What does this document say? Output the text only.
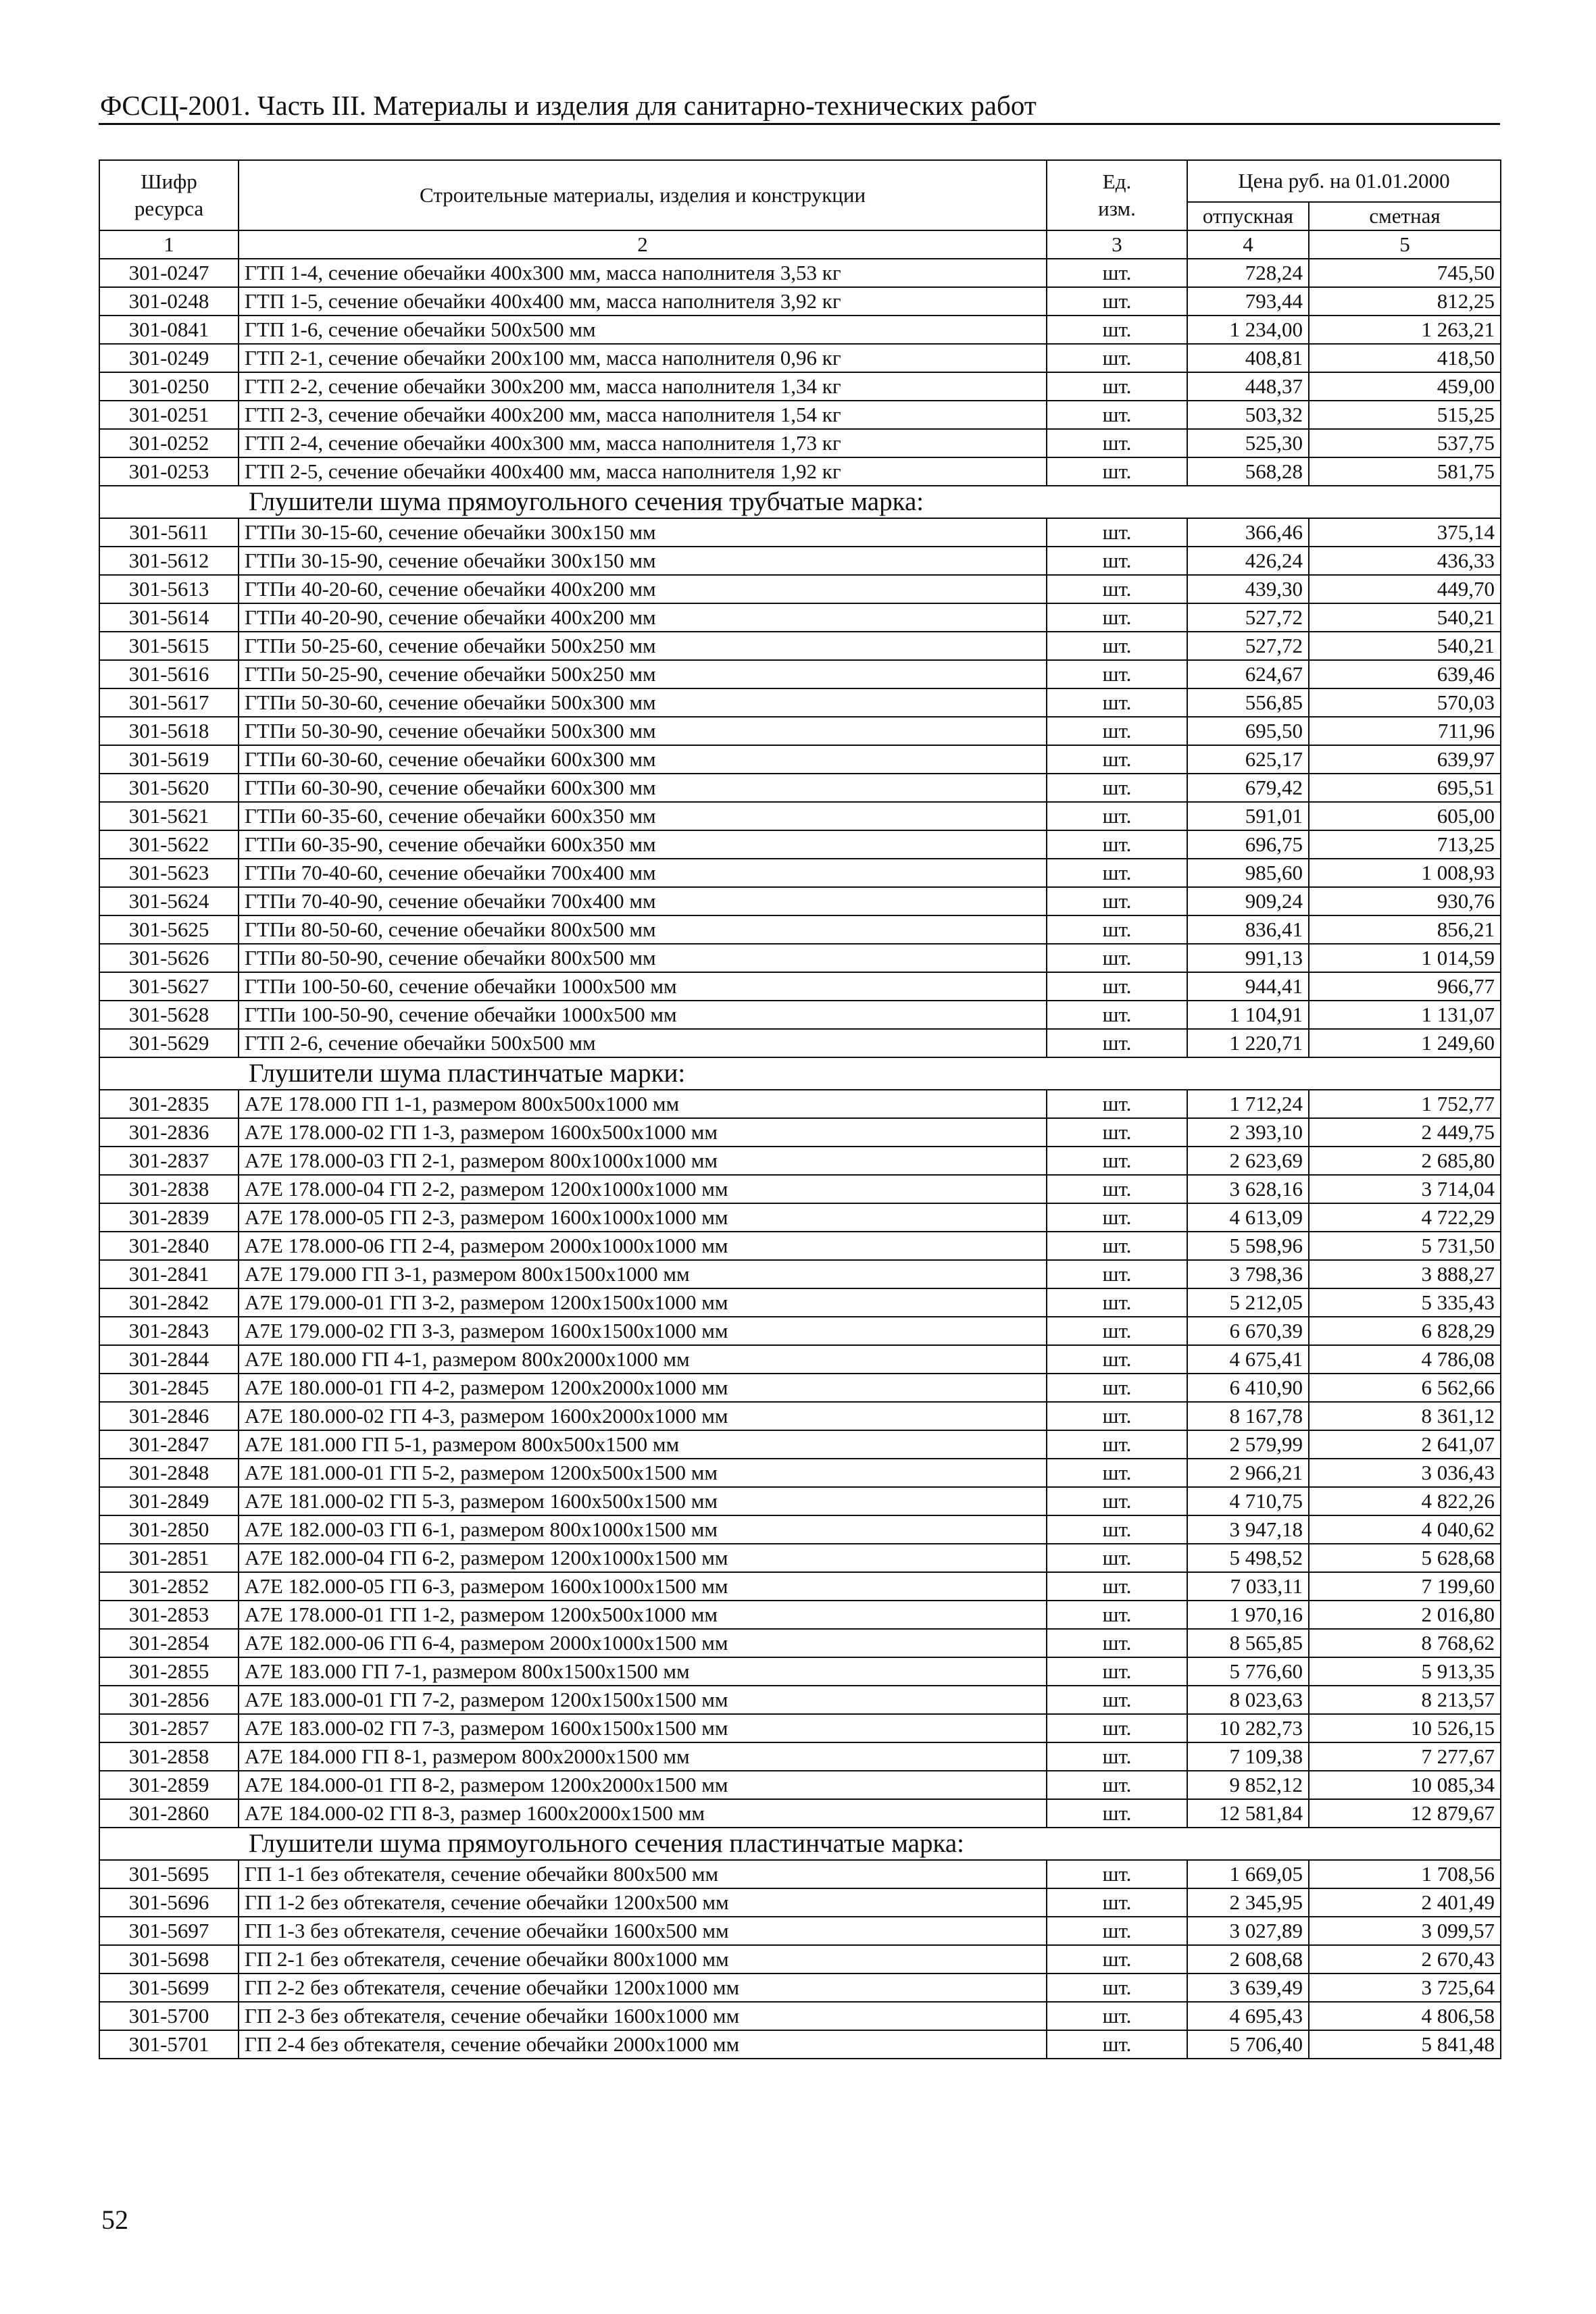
ФССЦ-2001. Часть III. Материалы и изделия для санитарно-технических работ
Шифр ресурса	Строительные материалы, изделия и конструкции	Ед. изм.	Цена руб. на 01.01.2000	
			отпускная	сметная
1	2	3	4	5
301-0247	ГТП 1-4, сечение обечайки 400х300 мм, масса наполнителя 3,53 кг	шт.	728,24	745,50
301-0248	ГТП 1-5, сечение обечайки 400х400 мм, масса наполнителя 3,92 кг	шт.	793,44	812,25
301-0841	ГТП 1-6, сечение обечайки 500х500 мм	шт.	1 234,00	1 263,21
301-0249	ГТП 2-1, сечение обечайки 200х100 мм, масса наполнителя 0,96 кг	шт.	408,81	418,50
301-0250	ГТП 2-2, сечение обечайки 300х200 мм, масса наполнителя 1,34 кг	шт.	448,37	459,00
301-0251	ГТП 2-3, сечение обечайки 400х200 мм, масса наполнителя 1,54 кг	шт.	503,32	515,25
301-0252	ГТП 2-4, сечение обечайки 400х300 мм, масса наполнителя 1,73 кг	шт.	525,30	537,75
301-0253	ГТП 2-5, сечение обечайки 400х400 мм, масса наполнителя 1,92 кг	шт.	568,28	581,75
Глушители шума прямоугольного сечения трубчатые марка:				
301-5611	ГТПи 30-15-60, сечение обечайки 300х150 мм	шт.	366,46	375,14
301-5612	ГТПи 30-15-90, сечение обечайки 300х150 мм	шт.	426,24	436,33
301-5613	ГТПи 40-20-60, сечение обечайки 400х200 мм	шт.	439,30	449,70
301-5614	ГТПи 40-20-90, сечение обечайки 400х200 мм	шт.	527,72	540,21
301-5615	ГТПи 50-25-60, сечение обечайки 500х250 мм	шт.	527,72	540,21
301-5616	ГТПи 50-25-90, сечение обечайки 500х250 мм	шт.	624,67	639,46
301-5617	ГТПи 50-30-60, сечение обечайки 500х300 мм	шт.	556,85	570,03
301-5618	ГТПи 50-30-90, сечение обечайки 500х300 мм	шт.	695,50	711,96
301-5619	ГТПи 60-30-60, сечение обечайки 600х300 мм	шт.	625,17	639,97
301-5620	ГТПи 60-30-90, сечение обечайки 600х300 мм	шт.	679,42	695,51
301-5621	ГТПи 60-35-60, сечение обечайки 600х350 мм	шт.	591,01	605,00
301-5622	ГТПи 60-35-90, сечение обечайки 600х350 мм	шт.	696,75	713,25
301-5623	ГТПи 70-40-60, сечение обечайки 700х400 мм	шт.	985,60	1 008,93
301-5624	ГТПи 70-40-90, сечение обечайки 700х400 мм	шт.	909,24	930,76
301-5625	ГТПи 80-50-60, сечение обечайки 800х500 мм	шт.	836,41	856,21
301-5626	ГТПи 80-50-90, сечение обечайки 800х500 мм	шт.	991,13	1 014,59
301-5627	ГТПи 100-50-60, сечение обечайки 1000х500 мм	шт.	944,41	966,77
301-5628	ГТПи 100-50-90, сечение обечайки 1000х500 мм	шт.	1 104,91	1 131,07
301-5629	ГТП 2-6, сечение обечайки 500х500 мм	шт.	1 220,71	1 249,60
Глушители шума пластинчатые марки:				
301-2835	А7Е 178.000 ГП 1-1, размером 800х500х1000 мм	шт.	1 712,24	1 752,77
301-2836	А7Е 178.000-02 ГП 1-3, размером 1600х500х1000 мм	шт.	2 393,10	2 449,75
301-2837	А7Е 178.000-03 ГП 2-1, размером 800х1000х1000 мм	шт.	2 623,69	2 685,80
301-2838	А7Е 178.000-04 ГП 2-2, размером 1200х1000х1000 мм	шт.	3 628,16	3 714,04
301-2839	А7Е 178.000-05 ГП 2-3, размером 1600х1000х1000 мм	шт.	4 613,09	4 722,29
301-2840	А7Е 178.000-06 ГП 2-4, размером 2000х1000х1000 мм	шт.	5 598,96	5 731,50
301-2841	А7Е 179.000 ГП 3-1, размером 800х1500х1000 мм	шт.	3 798,36	3 888,27
301-2842	А7Е 179.000-01 ГП 3-2, размером 1200х1500х1000 мм	шт.	5 212,05	5 335,43
301-2843	А7Е 179.000-02 ГП 3-3, размером 1600х1500х1000 мм	шт.	6 670,39	6 828,29
301-2844	А7Е 180.000 ГП 4-1, размером 800х2000х1000 мм	шт.	4 675,41	4 786,08
301-2845	А7Е 180.000-01 ГП 4-2, размером 1200х2000х1000 мм	шт.	6 410,90	6 562,66
301-2846	А7Е 180.000-02 ГП 4-3, размером 1600х2000х1000 мм	шт.	8 167,78	8 361,12
301-2847	А7Е 181.000 ГП 5-1, размером 800х500х1500 мм	шт.	2 579,99	2 641,07
301-2848	А7Е 181.000-01 ГП 5-2, размером 1200х500х1500 мм	шт.	2 966,21	3 036,43
301-2849	А7Е 181.000-02 ГП 5-3, размером 1600х500х1500 мм	шт.	4 710,75	4 822,26
301-2850	А7Е 182.000-03 ГП 6-1, размером 800х1000х1500 мм	шт.	3 947,18	4 040,62
301-2851	А7Е 182.000-04 ГП 6-2, размером 1200х1000х1500 мм	шт.	5 498,52	5 628,68
301-2852	А7Е 182.000-05 ГП 6-3, размером 1600х1000х1500 мм	шт.	7 033,11	7 199,60
301-2853	А7Е 178.000-01 ГП 1-2, размером 1200х500х1000 мм	шт.	1 970,16	2 016,80
301-2854	А7Е 182.000-06 ГП 6-4, размером 2000х1000х1500 мм	шт.	8 565,85	8 768,62
301-2855	А7Е 183.000 ГП 7-1, размером 800х1500х1500 мм	шт.	5 776,60	5 913,35
301-2856	А7Е 183.000-01 ГП 7-2, размером 1200х1500х1500 мм	шт.	8 023,63	8 213,57
301-2857	А7Е 183.000-02 ГП 7-3, размером 1600х1500х1500 мм	шт.	10 282,73	10 526,15
301-2858	А7Е 184.000 ГП 8-1, размером 800х2000х1500 мм	шт.	7 109,38	7 277,67
301-2859	А7Е 184.000-01 ГП 8-2, размером 1200х2000х1500 мм	шт.	9 852,12	10 085,34
301-2860	А7Е 184.000-02 ГП 8-3, размер 1600х2000х1500 мм	шт.	12 581,84	12 879,67
Глушители шума прямоугольного сечения пластинчатые марка:				
301-5695	ГП 1-1 без обтекателя, сечение обечайки 800х500 мм	шт.	1 669,05	1 708,56
301-5696	ГП 1-2 без обтекателя, сечение обечайки 1200х500 мм	шт.	2 345,95	2 401,49
301-5697	ГП 1-3 без обтекателя, сечение обечайки 1600х500 мм	шт.	3 027,89	3 099,57
301-5698	ГП 2-1 без обтекателя, сечение обечайки 800х1000 мм	шт.	2 608,68	2 670,43
301-5699	ГП 2-2 без обтекателя, сечение обечайки 1200х1000 мм	шт.	3 639,49	3 725,64
301-5700	ГП 2-3 без обтекателя, сечение обечайки 1600х1000 мм	шт.	4 695,43	4 806,58
301-5701	ГП 2-4 без обтекателя, сечение обечайки 2000х1000 мм	шт.	5 706,40	5 841,48
52
